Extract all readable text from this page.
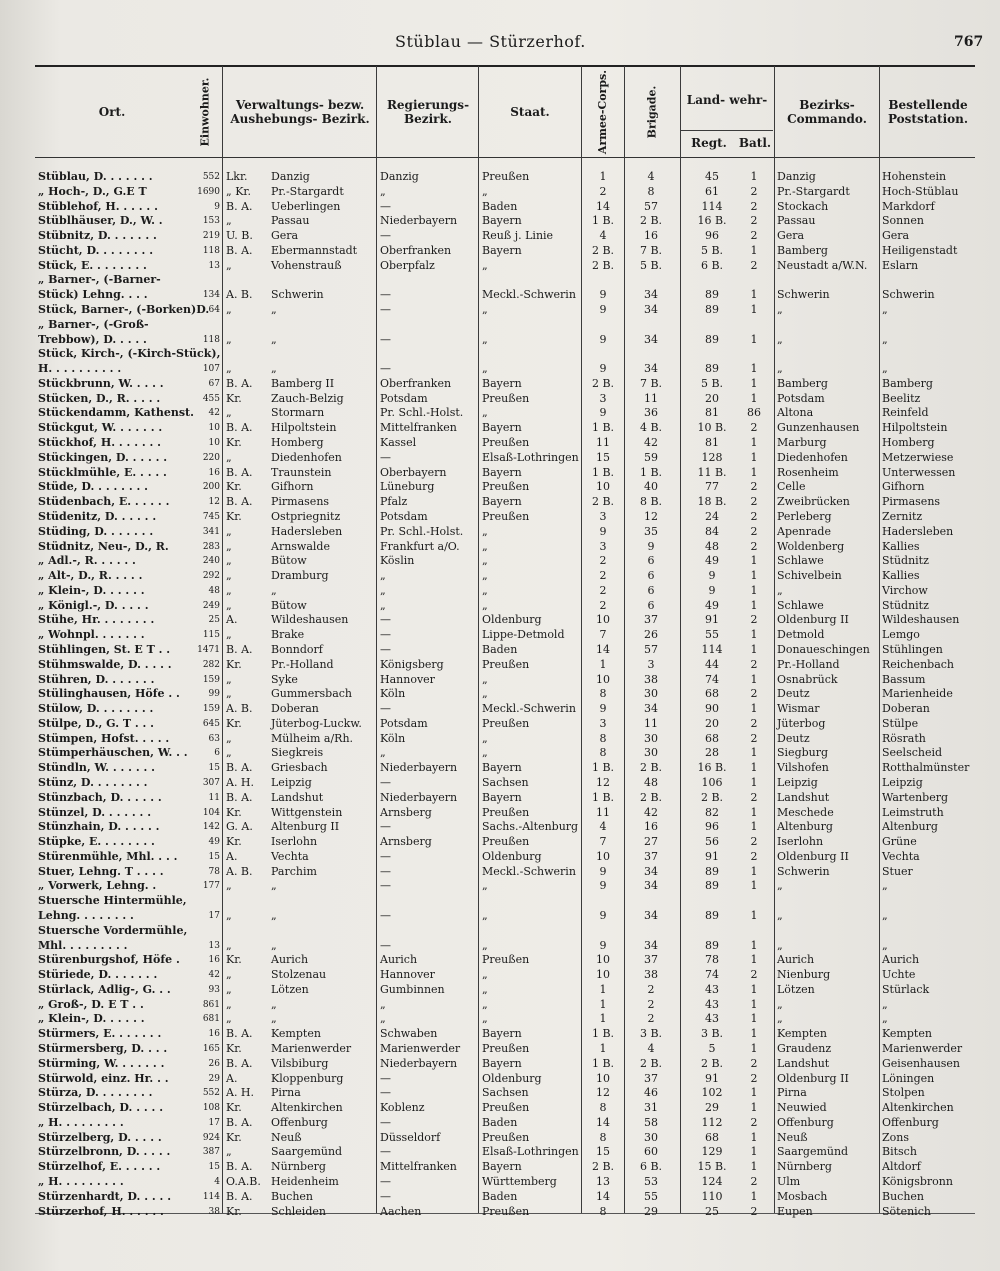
Stüblau — Stürzerhof.	767
Ort.	Einwohner.	Verwaltungs- bezw. Aushebungs- Bezirk.
Regierungs- Bezirk.	Staat.	Armee-Corps.	Brigade.	Land- wehr-
Regt.	Batl.
Bezirks- Commando.
Bestellende Poststation.
Stüblau, D. . . . . . .	552 Lkr.	Danzig	Danzig	Preußen	1	4	45	1	Danzig	Hohenstein
„ Hoch-, D., G.E T	1690 „ Kr.	Pr.-Stargardt	„	„	2	8	61	2	Pr.-Stargardt	Hoch-Stüblau
Stüblehof, H. . . . . .	9 B. A.	Ueberlingen	—	Baden	14	57	114	2	Stockach	Markdorf
Stüblhäuser, D., W. .	153 „	Passau	Niederbayern	Bayern	1 B.	2 B.	16 B.	2	Passau	Sonnen
Stübnitz, D. . . . . . .	219 U. B.	Gera	—	Reuß j. Linie	4	16	96	2	Gera	Gera
Stücht, D. . . . . . . .	118 B. A.	Ebermannstadt	Oberfranken	Bayern	2 B.	7 B.	5 B.	1	Bamberg	Heiligenstadt
Stück, E. . . . . . . .	13 „	Vohenstrauß	Oberpfalz	„	2 B.	5 B.	6 B.	2	Neustadt a/W.N.	Eslarn
„ Barner-, (-Barner-
Stück) Lehng. . . .	134 A. B.	Schwerin	—	Meckl.-Schwerin	9	34	89	1	Schwerin	Schwerin
Stück, Barner-, (-Borken)D. 64 „	„	—	„	9	34	89	1	„	„
„ Barner-, (-Groß-
Trebbow), D. . . . .	118 „	„	—	„	9	34	89	1	„	„
Stück, Kirch-, (-Kirch-Stück),
H. . . . . . . . . .	107 „	„	—	„	9	34	89	1	„	„
Stückbrunn, W. . . . .	67 B. A.	Bamberg II	Oberfranken	Bayern	2 B.	7 B.	5 B.	1	Bamberg	Bamberg
Stücken, D., R. . . . .	455 Kr.	Zauch-Belzig	Potsdam	Preußen	3	11	20	1	Potsdam	Beelitz
Stückendamm, Kathenst.	42 „	Stormarn	Pr. Schl.-Holst.	„	9	36	81	86	Altona	Reinfeld
Stückgut, W. . . . . . .	10 B. A.	Hilpoltstein	Mittelfranken	Bayern	1 B.	4 B.	10 B.	2	Gunzenhausen	Hilpoltstein
Stückhof, H. . . . . . .	10 Kr.	Homberg	Kassel	Preußen	11	42	81	1	Marburg	Homberg
Stückingen, D. . . . . .	220 „	Diedenhofen	—	Elsaß-Lothringen	15	59	128	1	Diedenhofen	Metzerwiese
Stücklmühle, E. . . . .	16 B. A.	Traunstein	Oberbayern	Bayern	1 B.	1 B.	11 B.	1	Rosenheim	Unterwessen
Stüde, D. . . . . . . .	200 Kr.	Gifhorn	Lüneburg	Preußen	10	40	77	2	Celle	Gifhorn
Stüdenbach, E. . . . . .	12 B. A.	Pirmasens	Pfalz	Bayern	2 B.	8 B.	18 B.	2	Zweibrücken	Pirmasens
Stüdenitz, D. . . . . .	745 Kr.	Ostpriegnitz	Potsdam	Preußen	3	12	24	2	Perleberg	Zernitz
Stüding, D. . . . . . .	341 „	Hadersleben	Pr. Schl.-Holst.	„	9	35	84	2	Apenrade	Hadersleben
Stüdnitz, Neu-, D., R.	283 „	Arnswalde	Frankfurt a/O.	„	3	9	48	2	Woldenberg	Kallies
„ Adl.-, R. . . . . .	240 „	Bütow	Köslin	„	2	6	49	1	Schlawe	Stüdnitz
„ Alt-, D., R. . . . .	292 „	Dramburg	„	„	2	6	9	1	Schivelbein	Kallies
„ Klein-, D. . . . . .	48 „	„	„	„	2	6	9	1	„	Virchow
„ Königl.-, D. . . . .	249 „	Bütow	„	„	2	6	49	1	Schlawe	Stüdnitz
Stühe, Hr. . . . . . . .	25 A.	Wildeshausen	—	Oldenburg	10	37	91	2	Oldenburg II	Wildeshausen
„ Wohnpl. . . . . . .	115 „	Brake	—	Lippe-Detmold	7	26	55	1	Detmold	Lemgo
Stühlingen, St. E T . .	1471 B. A.	Bonndorf	—	Baden	14	57	114	1	Donaueschingen	Stühlingen
Stühmswalde, D. . . . .	282 Kr.	Pr.-Holland	Königsberg	Preußen	1	3	44	2	Pr.-Holland	Reichenbach
Stühren, D. . . . . . .	159 „	Syke	Hannover	„	10	38	74	1	Osnabrück	Bassum
Stülinghausen, Höfe . .	99 „	Gummersbach	Köln	„	8	30	68	2	Deutz	Marienheide
Stülow, D. . . . . . . .	159 A. B.	Doberan	—	Meckl.-Schwerin	9	34	90	1	Wismar	Doberan
Stülpe, D., G. T . . .	645 Kr.	Jüterbog-Luckw.	Potsdam	Preußen	3	11	20	2	Jüterbog	Stülpe
Stümpen, Hofst. . . . .	63 „	Mülheim a/Rh.	Köln	„	8	30	68	2	Deutz	Rösrath
Stümperhäuschen, W. . .	6 „	Siegkreis	„	„	8	30	28	1	Siegburg	Seelscheid
Stündln, W. . . . . . .	15 B. A.	Griesbach	Niederbayern	Bayern	1 B.	2 B.	16 B.	1	Vilshofen	Rotthalmünster
Stünz, D. . . . . . . .	307 A. H.	Leipzig	—	Sachsen	12	48	106	1	Leipzig	Leipzig
Stünzbach, D. . . . . .	11 B. A.	Landshut	Niederbayern	Bayern	1 B.	2 B.	2 B.	2	Landshut	Wartenberg
Stünzel, D. . . . . . .	104 Kr.	Wittgenstein	Arnsberg	Preußen	11	42	82	1	Meschede	Leimstruth
Stünzhain, D. . . . . .	142 G. A.	Altenburg II	—	Sachs.-Altenburg	4	16	96	1	Altenburg	Altenburg
Stüpke, E. . . . . . . .	49 Kr.	Iserlohn	Arnsberg	Preußen	7	27	56	2	Iserlohn	Grüne
Stürenmühle, Mhl. . . .	15 A.	Vechta	—	Oldenburg	10	37	91	2	Oldenburg II	Vechta
Stuer, Lehng. T . . . .	78 A. B.	Parchim	—	Meckl.-Schwerin	9	34	89	1	Schwerin	Stuer
„ Vorwerk, Lehng. .	177 „	„	—	„	9	34	89	1	„	„
Stuersche Hintermühle,
Lehng. . . . . . . .	17 „	„	—	„	9	34	89	1	„	„
Stuersche Vordermühle,
Mhl. . . . . . . . .	13 „	„	—	„	9	34	89	1	„	„
Stürenburgshof, Höfe .	16 Kr.	Aurich	Aurich	Preußen	10	37	78	1	Aurich	Aurich
Stüriede, D. . . . . . .	42 „	Stolzenau	Hannover	„	10	38	74	2	Nienburg	Uchte
Stürlack, Adlig-, G. . .	93 „	Lötzen	Gumbinnen	„	1	2	43	1	Lötzen	Stürlack
„ Groß-, D. E T . .	861 „	„	„	„	1	2	43	1	„	„
„ Klein-, D. . . . . .	681 „	„	„	„	1	2	43	1	„	„
Stürmers, E. . . . . . .	16 B. A.	Kempten	Schwaben	Bayern	1 B.	3 B.	3 B.	1	Kempten	Kempten
Stürmersberg, D. . . .	165 Kr.	Marienwerder	Marienwerder	Preußen	1	4	5	1	Graudenz	Marienwerder
Stürming, W. . . . . . .	26 B. A.	Vilsbiburg	Niederbayern	Bayern	1 B.	2 B.	2 B.	2	Landshut	Geisenhausen
Stürwold, einz. Hr. . .	29 A.	Kloppenburg	—	Oldenburg	10	37	91	2	Oldenburg II	Löningen
Stürza, D. . . . . . . .	552 A. H.	Pirna	—	Sachsen	12	46	102	1	Pirna	Stolpen
Stürzelbach, D. . . . .	108 Kr.	Altenkirchen	Koblenz	Preußen	8	31	29	1	Neuwied	Altenkirchen
„ H. . . . . . . . .	17 B. A.	Offenburg	—	Baden	14	58	112	2	Offenburg	Offenburg
Stürzelberg, D. . . . .	924 Kr.	Neuß	Düsseldorf	Preußen	8	30	68	1	Neuß	Zons
Stürzelbronn, D. . . . .	387 „	Saargemünd	—	Elsaß-Lothringen	15	60	129	1	Saargemünd	Bitsch
Stürzelhof, E. . . . . .	15 B. A.	Nürnberg	Mittelfranken	Bayern	2 B.	6 B.	15 B.	1	Nürnberg	Altdorf
„ H. . . . . . . . .	4 O.A.B. Heidenheim	—	Württemberg	13	53	124	2	Ulm	Königsbronn
Stürzenhardt, D. . . . .	114 B. A.	Buchen	—	Baden	14	55	110	1	Mosbach	Buchen
Stürzerhof, H. . . . . .	38 Kr.	Schleiden	Aachen	Preußen	8	29	25	2	Eupen	Sötenich
